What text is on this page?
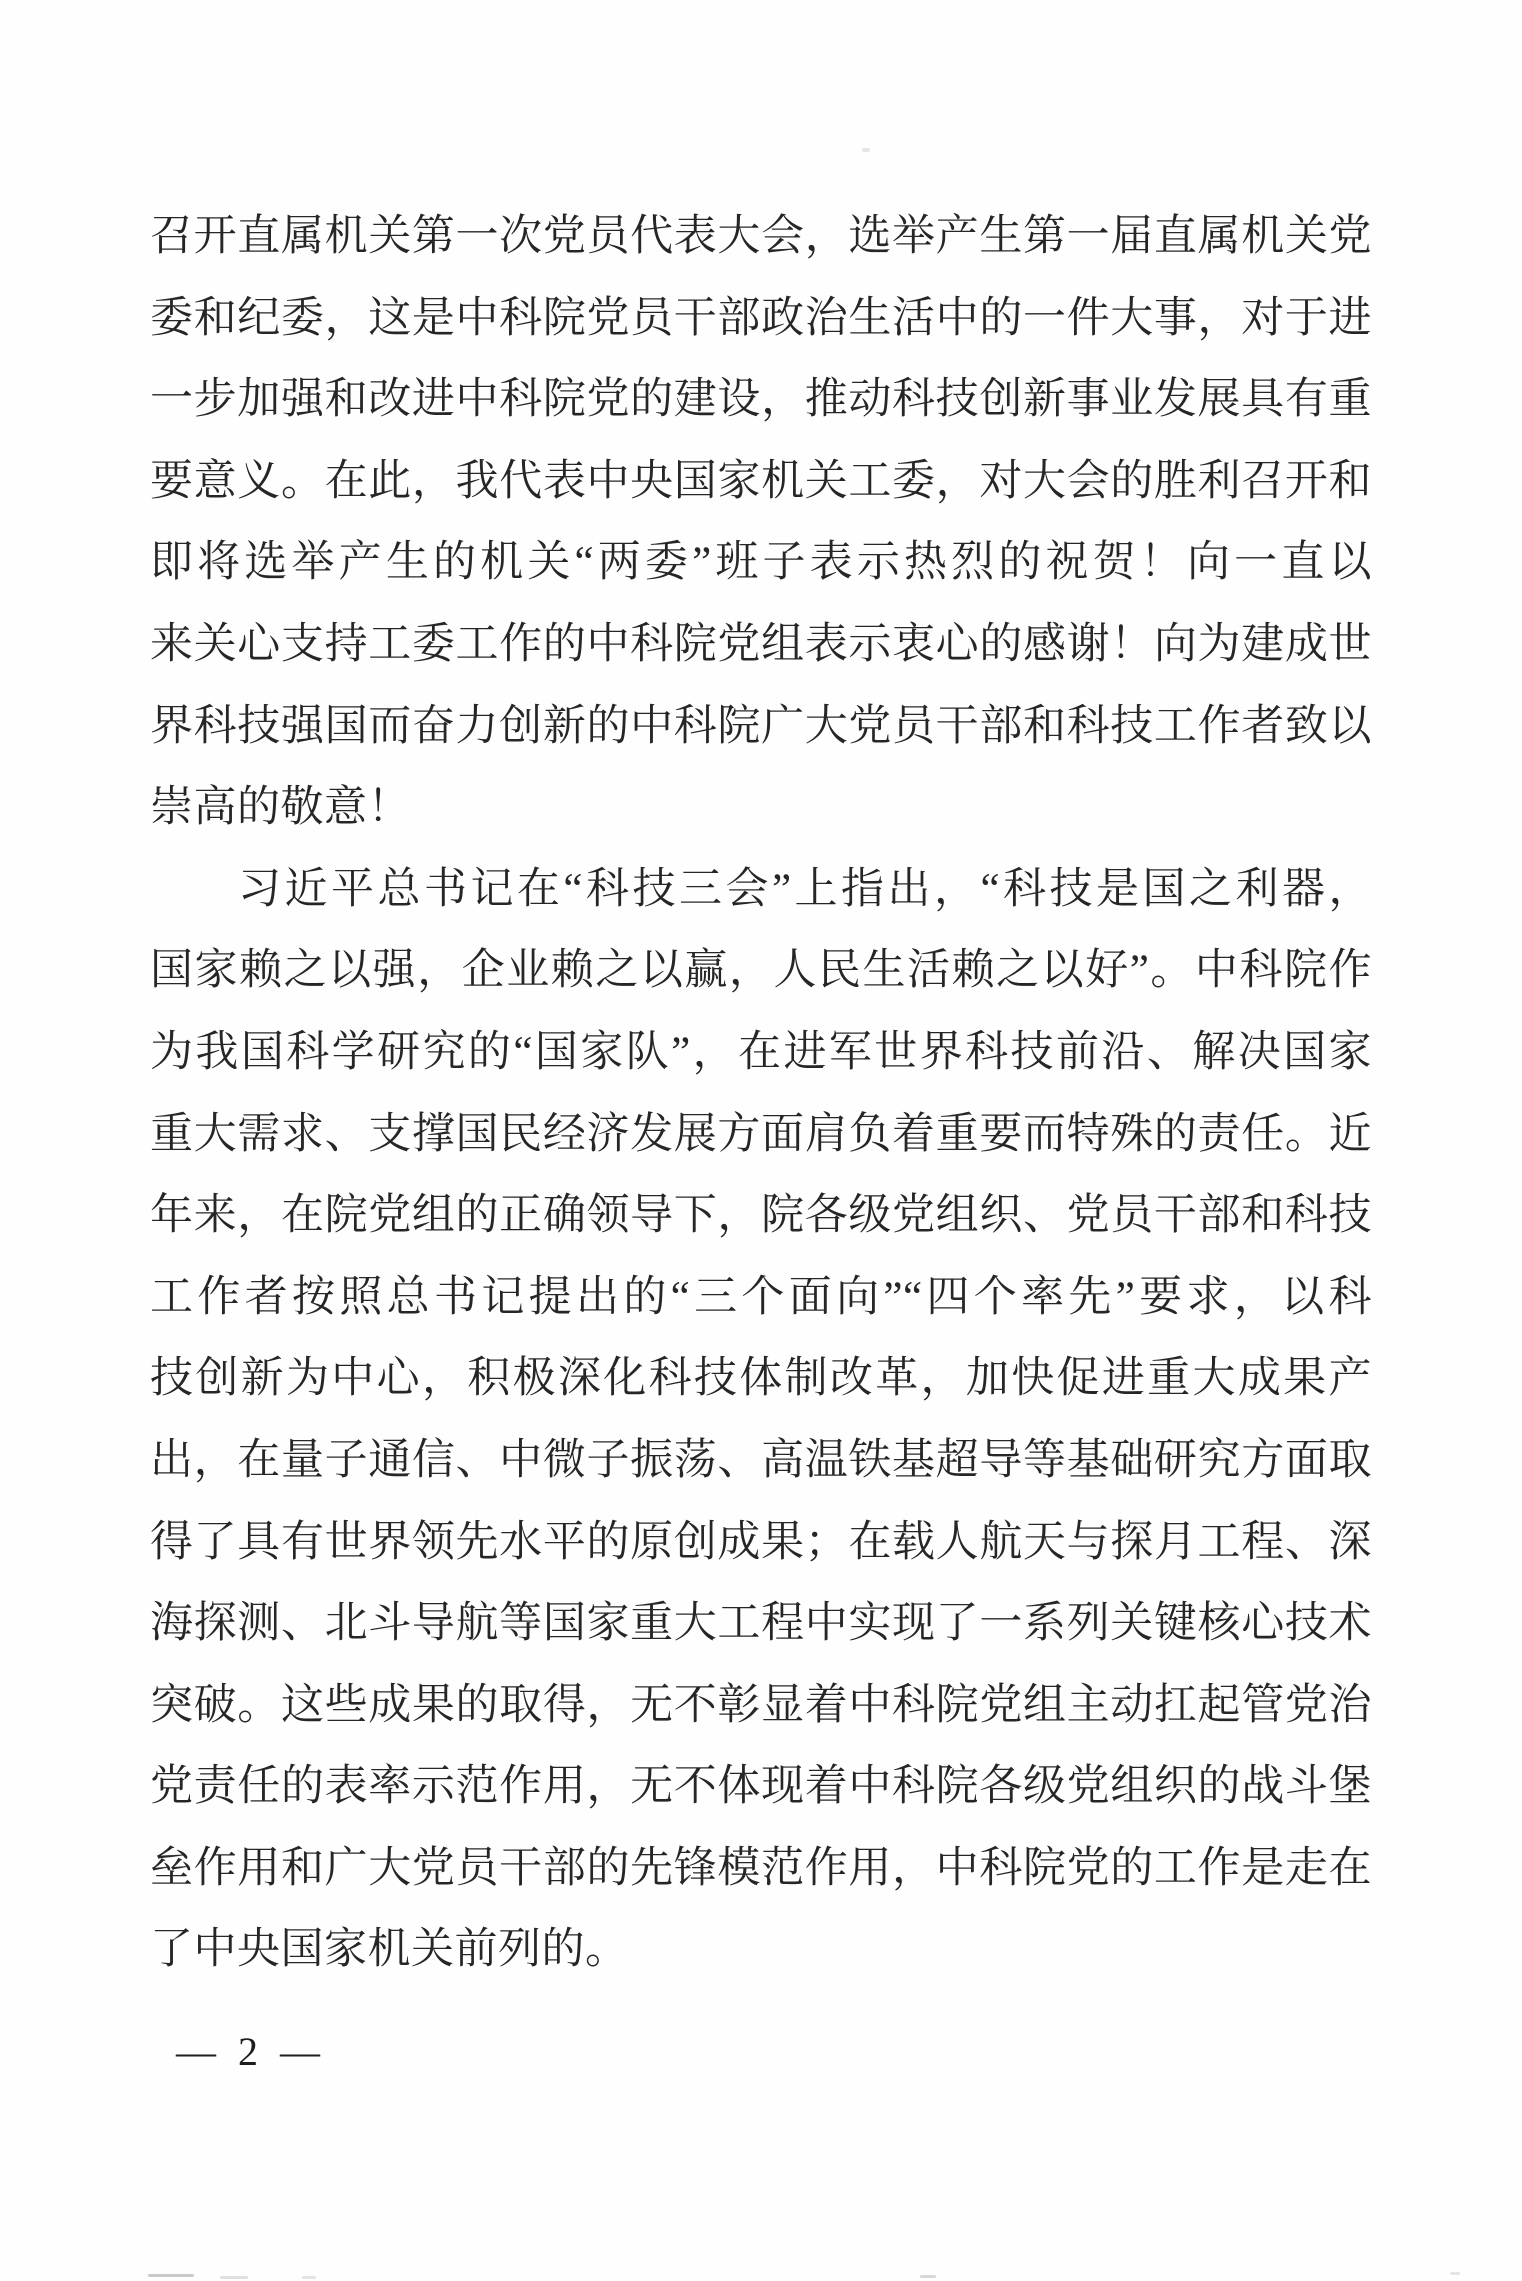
召开直属机关第一次党员代表大会，选举产生第一届直属机关党
委和纪委，这是中科院党员干部政治生活中的一件大事，对于进
一步加强和改进中科院党的建设，推动科技创新事业发展具有重
要意义。在此，我代表中央国家机关工委，对大会的胜利召开和
即将选举产生的机关“两委”班子表示热烈的祝贺！向一直以
来关心支持工委工作的中科院党组表示衷心的感谢！向为建成世
界科技强国而奋力创新的中科院广大党员干部和科技工作者致以
崇高的敬意！
习近平总书记在“科技三会”上指出，“科技是国之利器，
国家赖之以强，企业赖之以赢，人民生活赖之以好”。中科院作
为我国科学研究的“国家队”，在进军世界科技前沿、解决国家
重大需求、支撑国民经济发展方面肩负着重要而特殊的责任。近
年来，在院党组的正确领导下，院各级党组织、党员干部和科技
工作者按照总书记提出的“三个面向”“四个率先”要求，以科
技创新为中心，积极深化科技体制改革，加快促进重大成果产
出，在量子通信、中微子振荡、高温铁基超导等基础研究方面取
得了具有世界领先水平的原创成果；在载人航天与探月工程、深
海探测、北斗导航等国家重大工程中实现了一系列关键核心技术
突破。这些成果的取得，无不彰显着中科院党组主动扛起管党治
党责任的表率示范作用，无不体现着中科院各级党组织的战斗堡
垒作用和广大党员干部的先锋模范作用，中科院党的工作是走在
了中央国家机关前列的。
— 2 —
